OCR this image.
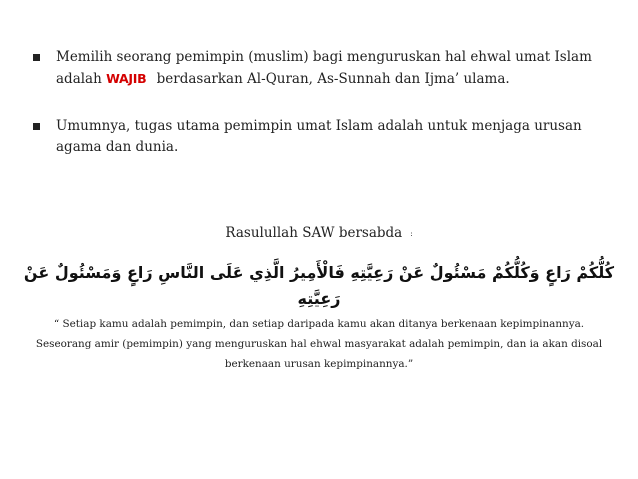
Memilih seorang pemimpin (muslim) bagi menguruskan hal ehwal umat Islam adalah WAJIB berdasarkan Al-Quran, As-Sunnah dan Ijma’ ulama.
Umumnya, tugas utama pemimpin umat Islam adalah untuk menjaga urusan agama dan dunia.
Rasulullah SAW bersabda :
كُلُّكُمْ رَاعٍ وَكُلُّكُمْ مَسْئُولٌ عَنْ رَعِيَّتِهِ فَالْأَمِيرُ الَّذِي عَلَى النَّاسِ رَاعٍ وَمَسْئُولٌ عَنْ رَعِيَّتِهِ
“ Setiap kamu adalah pemimpin, dan setiap daripada kamu akan ditanya berkenaan kepimpinannya. Seseorang amir (pemimpin) yang menguruskan hal ehwal masyarakat adalah pemimpin, dan ia akan disoal berkenaan urusan kepimpinannya.”
